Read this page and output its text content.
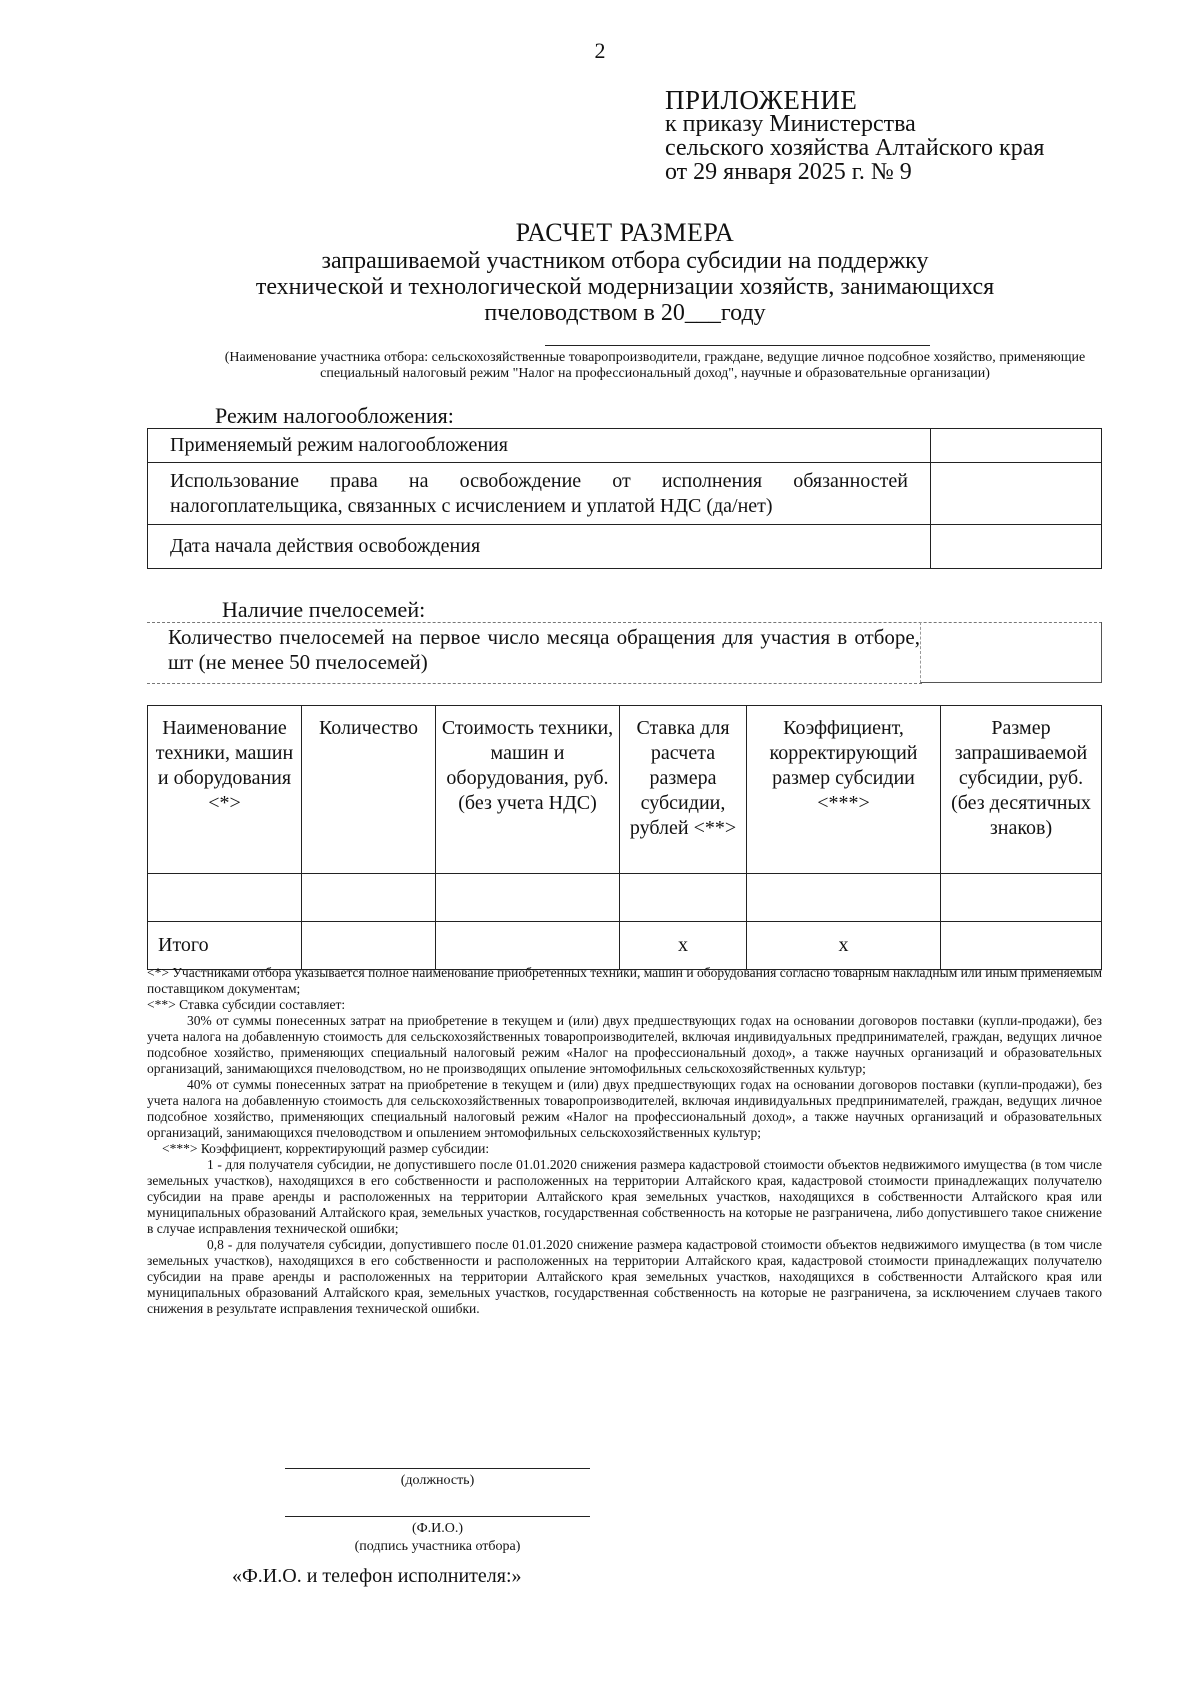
2
ПРИЛОЖЕНИЕ
к приказу Министерства
сельского хозяйства Алтайского края
от 29 января 2025 г. № 9
РАСЧЕТ РАЗМЕРА
запрашиваемой участником отбора субсидии на поддержку
технической и технологической модернизации хозяйств, занимающихся
пчеловодством в 20___году
(Наименование участника отбора: сельскохозяйственные товаропроизводители, граждане, ведущие личное подсобное хозяйство, применяющие специальный налоговый режим "Налог на профессиональный доход", научные и образовательные организации)
Режим налогообложения:
Применяемый режим налогообложения	
Использование права на освобождение от исполнения обязанностей налогоплательщика, связанных с исчислением и уплатой НДС (да/нет)	
Дата начала действия освобождения	
Наличие пчелосемей:
Количество пчелосемей на первое число месяца обращения для участия в отборе, шт (не менее 50 пчелосемей)
Наименование техники, машин и оборудования <*>	Количество	Стоимость техники, машин и оборудования, руб. (без учета НДС)	Ставка для расчета размера субсидии, рублей <**>	Коэффициент, корректирующий размер субсидии <***>	Размер запрашиваемой субсидии, руб. (без десятичных знаков)

Итого			х	х	

<*> Участниками отбора указывается полное наименование приобретенных техники, машин и оборудования согласно товарным накладным или иным применяемым поставщиком документам;

<**> Ставка субсидии составляет:

30% от суммы понесенных затрат на приобретение в текущем и (или) двух предшествующих годах на основании договоров поставки (купли-продажи), без учета налога на добавленную стоимость для сельскохозяйственных товаропроизводителей, включая индивидуальных предпринимателей, граждан, ведущих личное подсобное хозяйство, применяющих специальный налоговый режим «Налог на профессиональный доход», а также научных организаций и образовательных организаций, занимающихся пчеловодством, но не производящих опыление энтомофильных сельскохозяйственных культур;

40% от суммы понесенных затрат на приобретение в текущем и (или) двух предшествующих годах на основании договоров поставки (купли-продажи), без учета налога на добавленную стоимость для сельскохозяйственных товаропроизводителей, включая индивидуальных предпринимателей, граждан, ведущих личное подсобное хозяйство, применяющих специальный налоговый режим «Налог на профессиональный доход», а также научных организаций и образовательных организаций, занимающихся пчеловодством и опылением энтомофильных сельскохозяйственных культур;

<***> Коэффициент, корректирующий размер субсидии:

1 - для получателя субсидии, не допустившего после 01.01.2020 снижения размера кадастровой стоимости объектов недвижимого имущества (в том числе земельных участков), находящихся в его собственности и расположенных на территории Алтайского края, кадастровой стоимости принадлежащих получателю субсидии на праве аренды и расположенных на территории Алтайского края земельных участков, находящихся в собственности Алтайского края или муниципальных образований Алтайского края, земельных участков, государственная собственность на которые не разграничена, либо допустившего такое снижение в случае исправления технической ошибки;

0,8 - для получателя субсидии, допустившего после 01.01.2020 снижение размера кадастровой стоимости объектов недвижимого имущества (в том числе земельных участков), находящихся в его собственности и расположенных на территории Алтайского края, кадастровой стоимости принадлежащих получателю субсидии на праве аренды и расположенных на территории Алтайского края земельных участков, находящихся в собственности Алтайского края или муниципальных образований Алтайского края, земельных участков, государственная собственность на которые не разграничена, за исключением случаев такого снижения в результате исправления технической ошибки.

(должность)
(Ф.И.О.)
(подпись участника отбора)
«Ф.И.О. и телефон исполнителя:»
